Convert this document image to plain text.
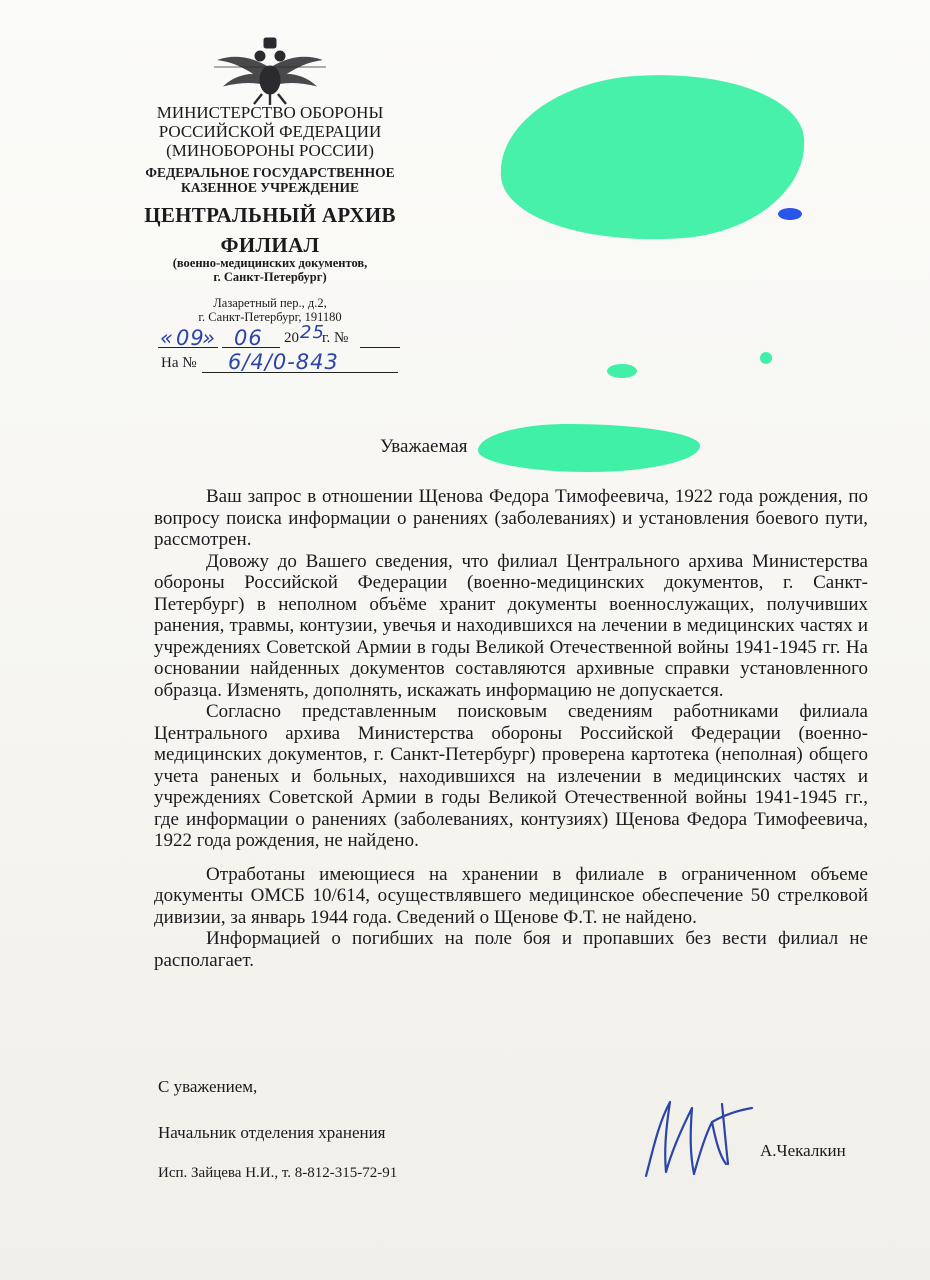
МИНИСТЕРСТВО ОБОРОНЫ
РОССИЙСКОЙ ФЕДЕРАЦИИ
(МИНОБОРОНЫ РОССИИ)
ФЕДЕРАЛЬНОЕ ГОСУДАРСТВЕННОЕ
КАЗЕННОЕ УЧРЕЖДЕНИЕ
ЦЕНТРАЛЬНЫЙ АРХИВ
ФИЛИАЛ
(военно-медицинских документов,
г. Санкт-Петербург)
Лазаретный пер., д.2,
г. Санкт-Петербург, 191180
« 09
» 06 20 25
г. №
На № 6/4/0-843
Уважаемая

Ваш запрос в отношении Щенова Федора Тимофеевича, 1922 года рождения, по вопросу поиска информации о ранениях (заболеваниях) и установления боевого пути, рассмотрен.

Довожу до Вашего сведения, что филиал Центрального архива Министерства обороны Российской Федерации (военно-медицинских документов, г. Санкт-Петербург) в неполном объёме хранит документы военнослужащих, получивших ранения, травмы, контузии, увечья и находившихся на лечении в медицинских частях и учреждениях Советской Армии в годы Великой Отечественной войны 1941-1945 гг. На основании найденных документов составляются архивные справки установленного образца. Изменять, дополнять, искажать информацию не допускается.

Согласно представленным поисковым сведениям работниками филиала Центрального архива Министерства обороны Российской Федерации (военно-медицинских документов, г. Санкт-Петербург) проверена картотека (неполная) общего учета раненых и больных, находившихся на излечении в медицинских частях и учреждениях Советской Армии в годы Великой Отечественной войны 1941-1945 гг., где информации о ранениях (заболеваниях, контузиях) Щенова Федора Тимофеевича, 1922 года рождения, не найдено.

Отработаны имеющиеся на хранении в филиале в ограниченном объеме документы ОМСБ 10/614, осуществлявшего медицинское обеспечение 50 стрелковой дивизии, за январь 1944 года. Сведений о Щенове Ф.Т. не найдено.

Информацией о погибших на поле боя и пропавших без вести филиал не располагает.

С уважением,
Начальник отделения хранения
А.Чекалкин
Исп. Зайцева Н.И., т. 8-812-315-72-91
